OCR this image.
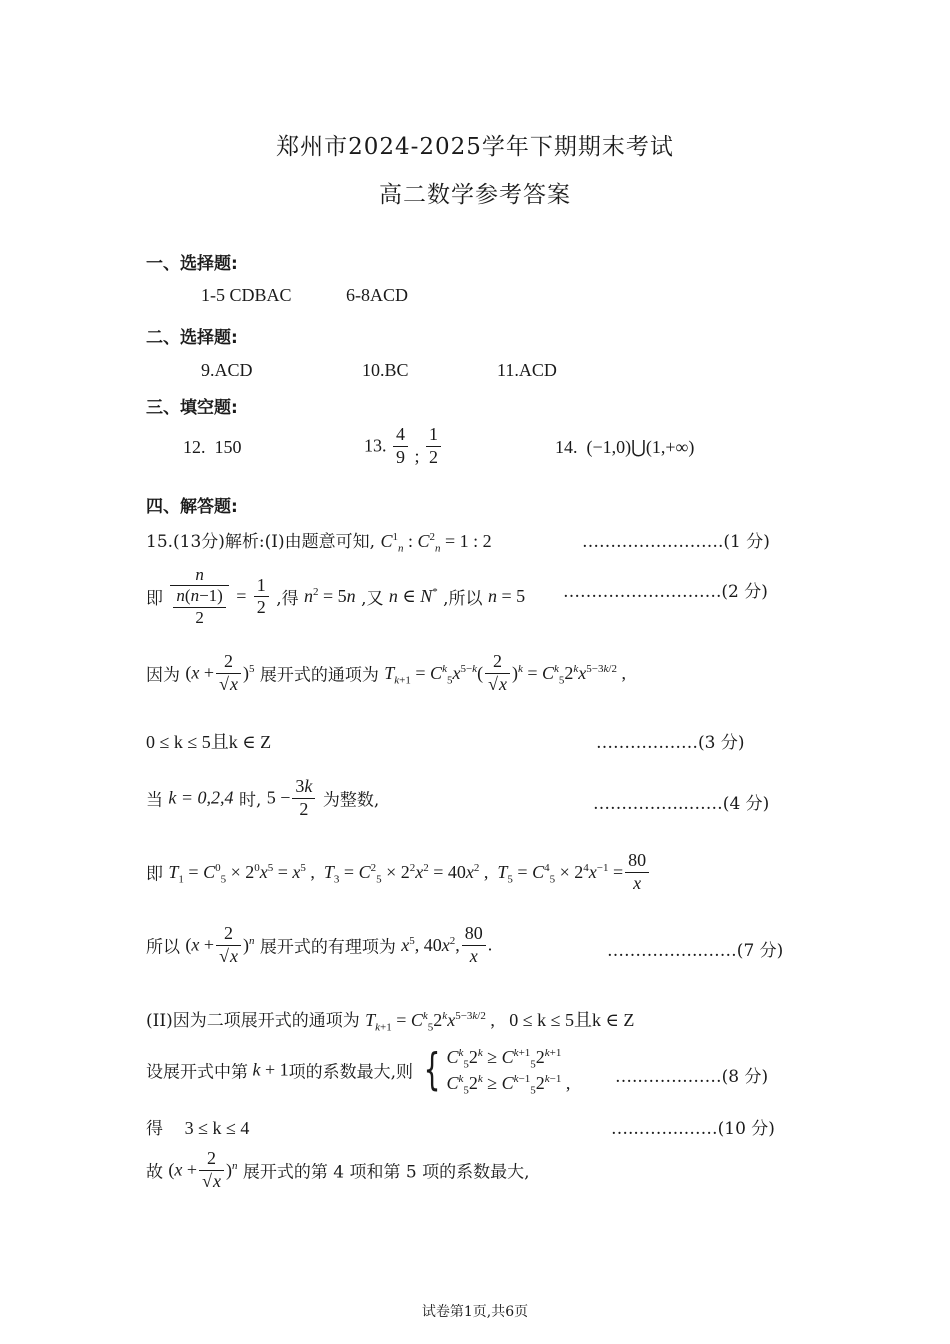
郑州市2024-2025学年下期期末考试
高二数学参考答案
一、选择题:
1-5 CDBAC	6-8ACD
二、选择题:
9.ACD	10.BC	11.ACD
三、填空题:
12. 150	13. $\frac{4}{9}$ ; $\frac{1}{2}$	14. (−1,0)⋃(1,+∞)
四、解答题:
15.(13分)解析:(I)由题意可知, $C^1_n$ : $C^2_n = 1$ : 2	…………………….(1 分)
即 $\frac{n}{\frac{n(n-1)}{2}} = \frac{1}{2}$ ,得 $n^2 = 5n$ ,又 n ∈ N* ,所以 n = 5 ……………………….(2 分)
因为 $(x + \frac{2}{√x} )^5$ 展开式的通项为 $T_{k+1} = C^k_5x^{5-k}( \frac{2}{√x} )^k = C^k_52^kx^{5-3k/2}$ ,
0 ≤ k ≤ 5且k ∈ Z	………………(3 分)
当 k = 0,2,4 时, $5 - \frac{3k}{2}$ 为整数,	……………..……(4 分)
即 $T_1 = C^0_5 \times 2^0x^5 = x^5$ ,  $T_3 = C^2_5 \times 2^2x^2 = 40x^2$ ,  $T_5 = C^4_5 \times 2^4x^{-1} = \frac{80}{x}$
所以 $(x + \frac{2}{√x} )^n$ 展开式的有理项为 $x^5$, $40x^2$, $\frac{80}{x}$ .	……………..……(7 分)
(II)因为二项展开式的通项为 $T_{k+1} = C^k_52^kx^{5-3k/2}$ ,   0 ≤ k ≤ 5且k ∈ Z
设展开式中第 k + 1项的系数最大,则 { $C^k_52^k \ge C^{k+1}_52^{k+1}$
$C^k_52^k \ge C^{k-1}_52^{k-1}$ ,	…..……..……(8 分)
得 3 ≤ k ≤ 4	…..……..……(10 分)
故 $(x + \frac{2}{√x} )^n$ 展开式的第 4 项和第 5 项的系数最大,
试卷第1页,共6页
